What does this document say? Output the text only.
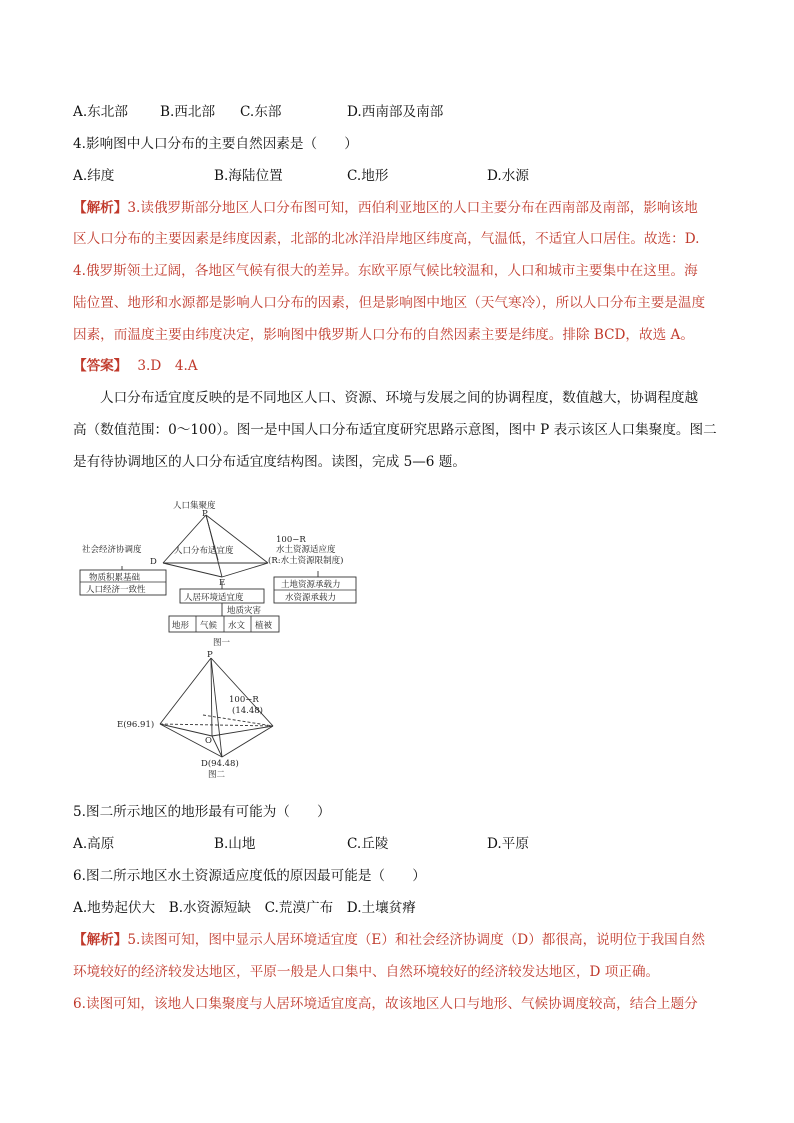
A.东北部 B.西北部 C.东部	D.西南部及南部
4.影响图中人口分布的主要自然因素是（　　）
A.纬度	B.海陆位置	C.地形	D.水源
【解析】3.读俄罗斯部分地区人口分布图可知，西伯利亚地区的人口主要分布在西南部及南部，影响该地
区人口分布的主要因素是纬度因素，北部的北冰洋沿岸地区纬度高，气温低，不适宜人口居住。故选：D.
4.俄罗斯领土辽阔，各地区气候有很大的差异。东欧平原气候比较温和，人口和城市主要集中在这里。海
陆位置、地形和水源都是影响人口分布的因素，但是影响图中地区（天气寒冷），所以人口分布主要是温度
因素，而温度主要由纬度决定，影响图中俄罗斯人口分布的自然因素主要是纬度。排除 BCD，故选 A。
【答案】 3.D　4.A
人口分布适宜度反映的是不同地区人口、资源、环境与发展之间的协调程度，数值越大，协调程度越
高（数值范围：0～100）。图一是中国人口分布适宜度研究思路示意图，图中 P 表示该区人口集聚度。图二
是有待协调地区的人口分布适宜度结构图。读图，完成 5—6 题。
人口集聚度
P
社会经济协调度
D
人口分布适宜度
100−R
水土资源适应度
(R:水土资源限制度)
E
物质积累基础
人口经济一致性	土地资源承载力
水资源承载力
人居环境适宜度
地质灾害
地形 气候 水文 植被
图一
P
100−R
(14.48)
E(96.91)
O
D(94.48)
图二
5.图二所示地区的地形最有可能为（　　）
A.高原	B.山地	C.丘陵	D.平原
6.图二所示地区水土资源适应度低的原因最可能是（　　）
A.地势起伏大　B.水资源短缺　C.荒漠广布　D.土壤贫瘠
【解析】5.读图可知，图中显示人居环境适宜度（E）和社会经济协调度（D）都很高，说明位于我国自然
环境较好的经济较发达地区，平原一般是人口集中、自然环境较好的经济较发达地区，D 项正确。
6.读图可知，该地人口集聚度与人居环境适宜度高，故该地区人口与地形、气候协调度较高，结合上题分
